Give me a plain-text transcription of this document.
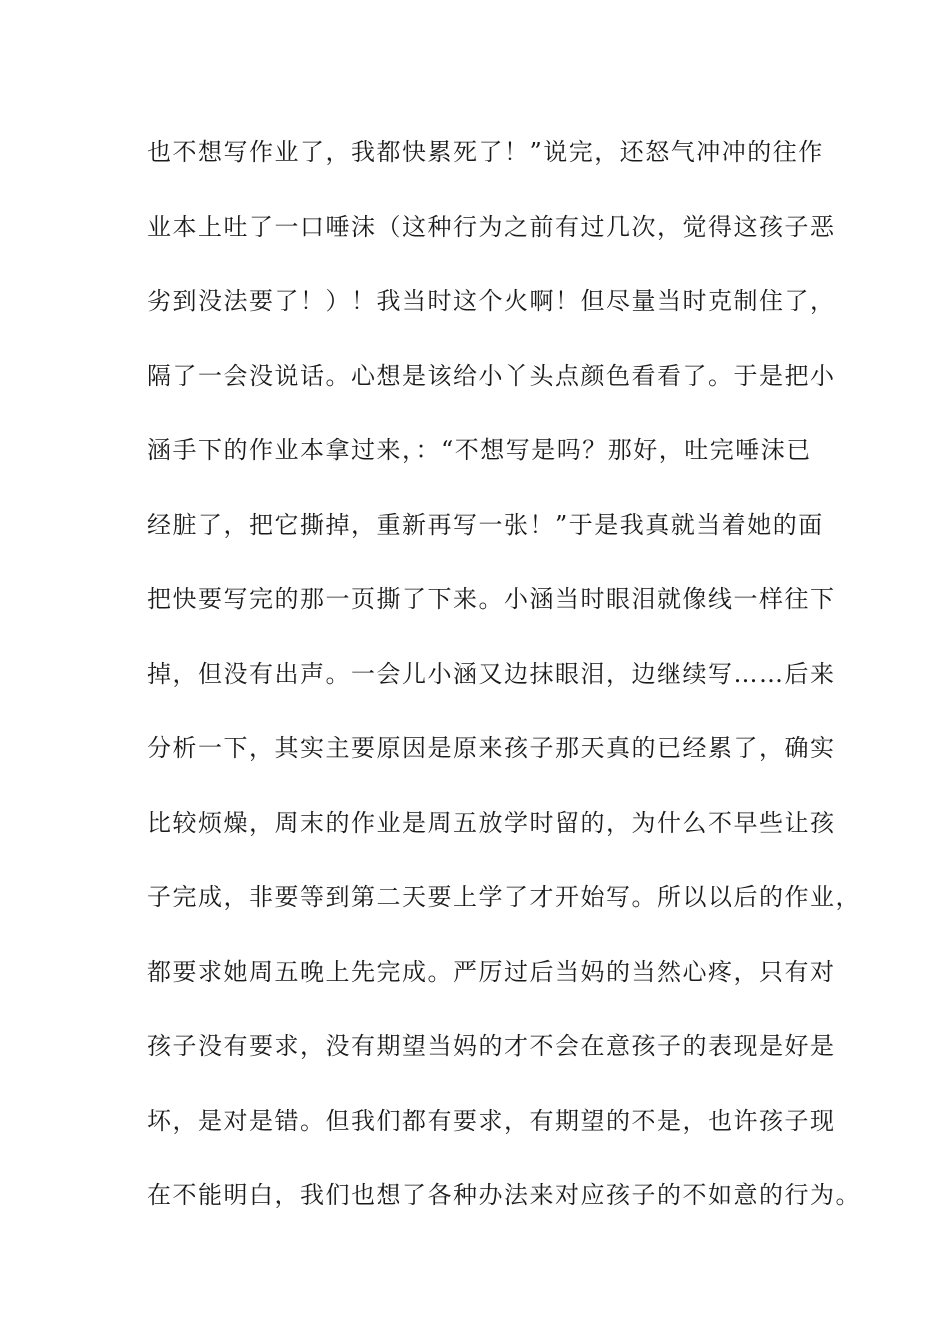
也不想写作业了，我都快累死了！”说完，还怒气冲冲的往作
业本上吐了一口唾沫（这种行为之前有过几次，觉得这孩子恶
劣到没法要了！）！我当时这个火啊！但尽量当时克制住了，
隔了一会没说话。心想是该给小丫头点颜色看看了。于是把小
涵手下的作业本拿过来，：“不想写是吗？那好，吐完唾沫已
经脏了，把它撕掉，重新再写一张！”于是我真就当着她的面
把快要写完的那一页撕了下来。小涵当时眼泪就像线一样往下
掉，但没有出声。一会儿小涵又边抹眼泪，边继续写……后来
分析一下，其实主要原因是原来孩子那天真的已经累了，确实
比较烦燥，周末的作业是周五放学时留的，为什么不早些让孩
子完成，非要等到第二天要上学了才开始写。所以以后的作业，
都要求她周五晚上先完成。严厉过后当妈的当然心疼，只有对
孩子没有要求，没有期望当妈的才不会在意孩子的表现是好是
坏，是对是错。但我们都有要求，有期望的不是，也许孩子现
在不能明白，我们也想了各种办法来对应孩子的不如意的行为。
